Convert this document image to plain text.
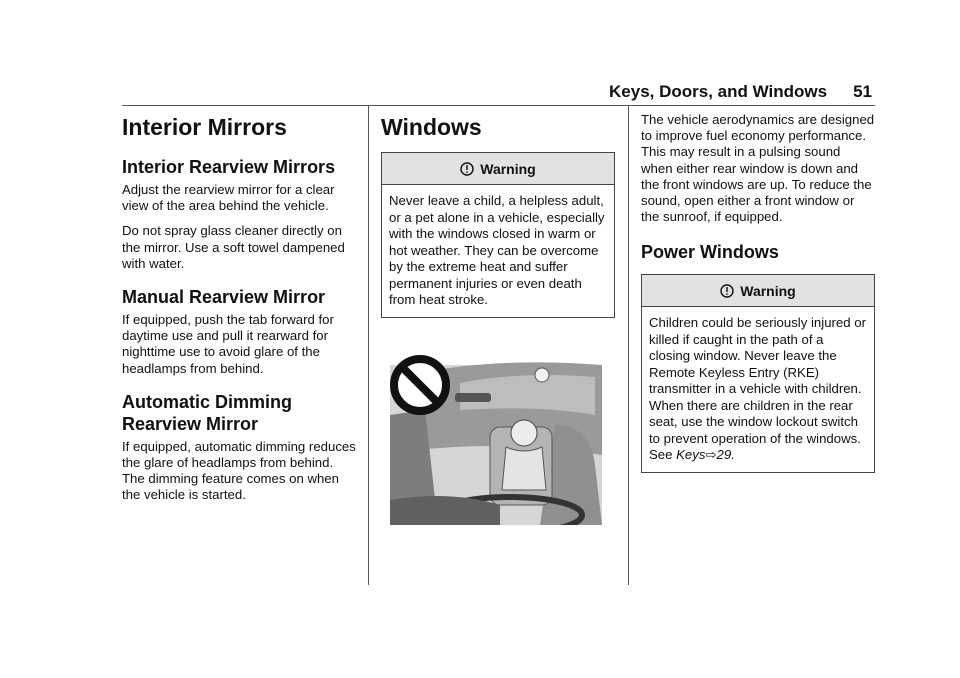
Keys, Doors, and Windows 51
Interior Mirrors
Interior Rearview Mirrors

Adjust the rearview mirror for a clear view of the area behind the vehicle.

Do not spray glass cleaner directly on the mirror. Use a soft towel dampened with water.

Manual Rearview Mirror

If equipped, push the tab forward for daytime use and pull it rearward for nighttime use to avoid glare of the headlamps from behind.

Automatic Dimming
Rearview Mirror

If equipped, automatic dimming reduces the glare of headlamps from behind. The dimming feature comes on when the vehicle is started.

Windows
Warning
Never leave a child, a helpless adult, or a pet alone in a vehicle, especially with the windows closed in warm or hot weather. They can be overcome by the extreme heat and suffer permanent injuries or even death from heat stroke.

The vehicle aerodynamics are designed to improve fuel economy performance. This may result in a pulsing sound when either rear window is down and the front windows are up. To reduce the sound, open either a front window or the sunroof, if equipped.

Power Windows
Warning
Children could be seriously injured or killed if caught in the path of a closing window. Never leave the Remote Keyless Entry (RKE) transmitter in a vehicle with children. When there are children in the rear seat, use the window lockout switch to prevent operation of the windows. See Keys⇨29.
